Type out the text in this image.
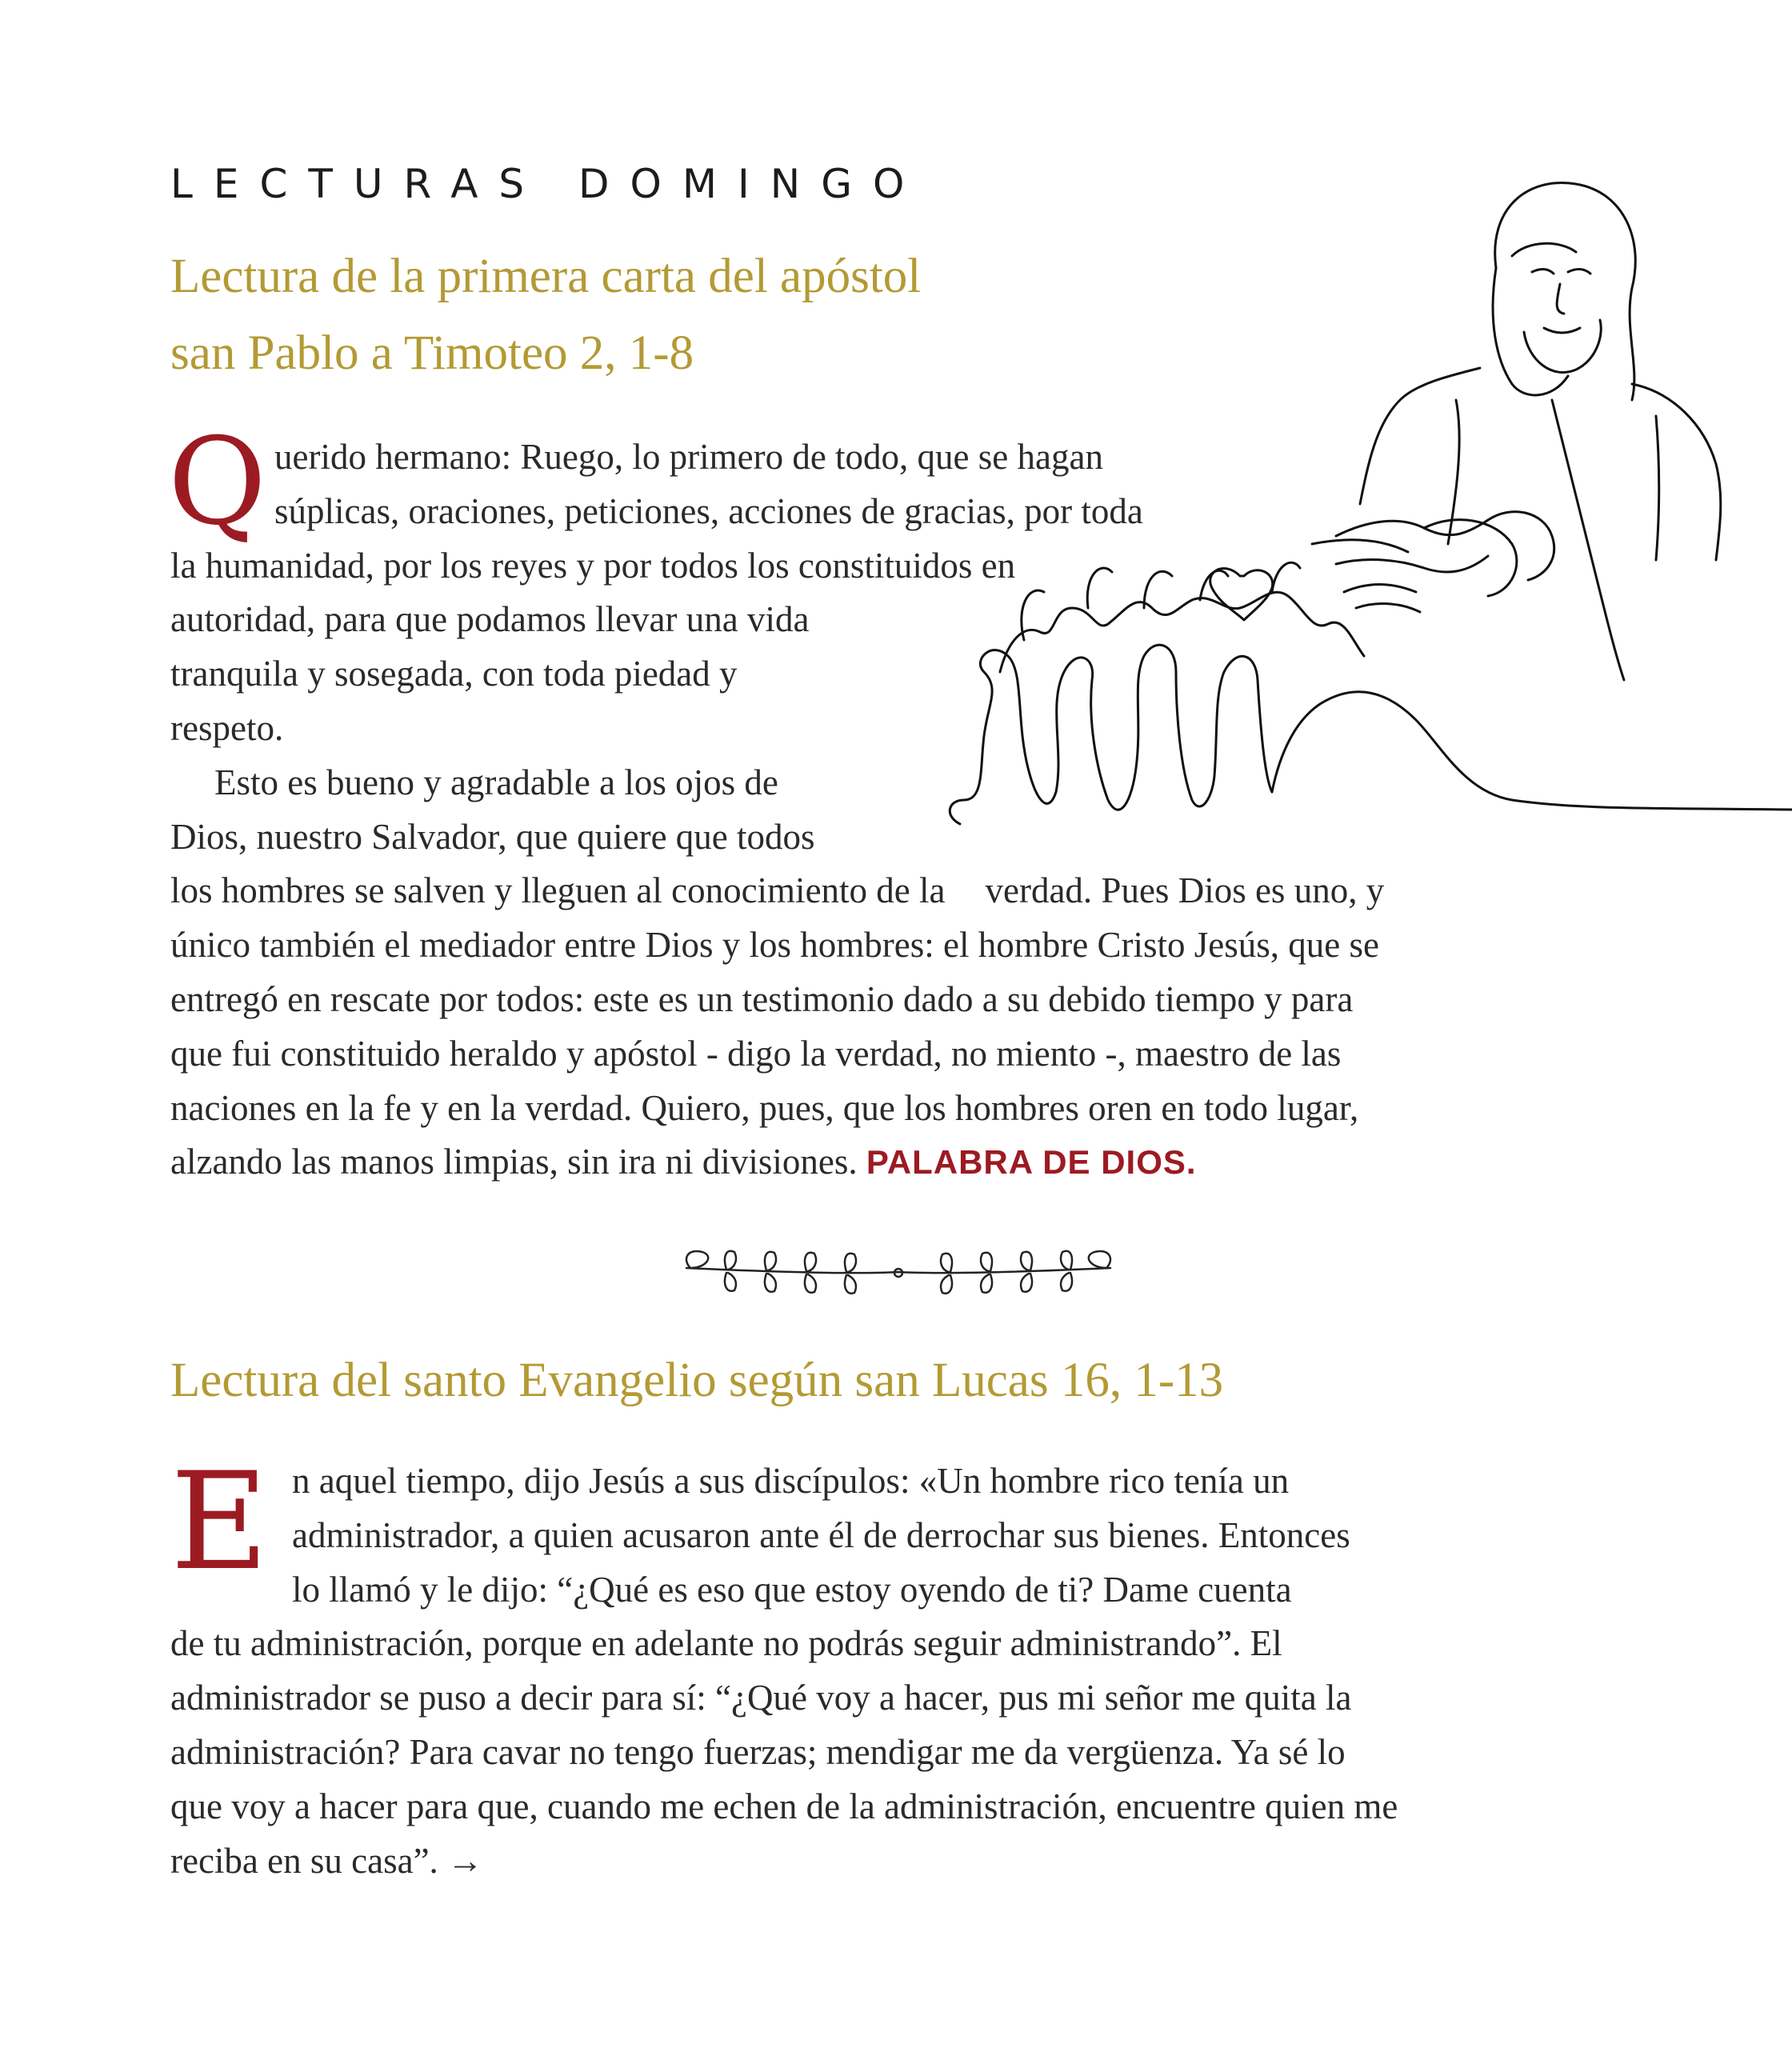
LECTURAS DOMINGO
Lectura de la primera carta del apóstol
san Pablo a Timoteo 2, 1-8
Q uerido hermano: Ruego, lo primero de todo, que se hagan
súplicas, oraciones, peticiones, acciones de gracias, por toda
la humanidad, por los reyes y por todos los constituidos en
autoridad, para que podamos llevar una vida
tranquila y sosegada, con toda piedad y
respeto.
Esto es bueno y agradable a los ojos de
Dios, nuestro Salvador, que quiere que todos
los hombres se salven y lleguen al conocimiento de la verdad. Pues Dios es uno, y
único también el mediador entre Dios y los hombres: el hombre Cristo Jesús, que se
entregó en rescate por todos: este es un testimonio dado a su debido tiempo y para
que fui constituido heraldo y apóstol - digo la verdad, no miento -, maestro de las
naciones en la fe y en la verdad. Quiero, pues, que los hombres oren en todo lugar,
alzando las manos limpias, sin ira ni divisiones. PALABRA DE DIOS.
Lectura del santo Evangelio según san Lucas 16, 1-13
E n aquel tiempo, dijo Jesús a sus discípulos: «Un hombre rico tenía un
administrador, a quien acusaron ante él de derrochar sus bienes. Entonces
lo llamó y le dijo: “¿Qué es eso que estoy oyendo de ti? Dame cuenta
de tu administración, porque en adelante no podrás seguir administrando”. El
administrador se puso a decir para sí: “¿Qué voy a hacer, pus mi señor me quita la
administración? Para cavar no tengo fuerzas; mendigar me da vergüenza. Ya sé lo
que voy a hacer para que, cuando me echen de la administración, encuentre quien me
reciba en su casa”. →
